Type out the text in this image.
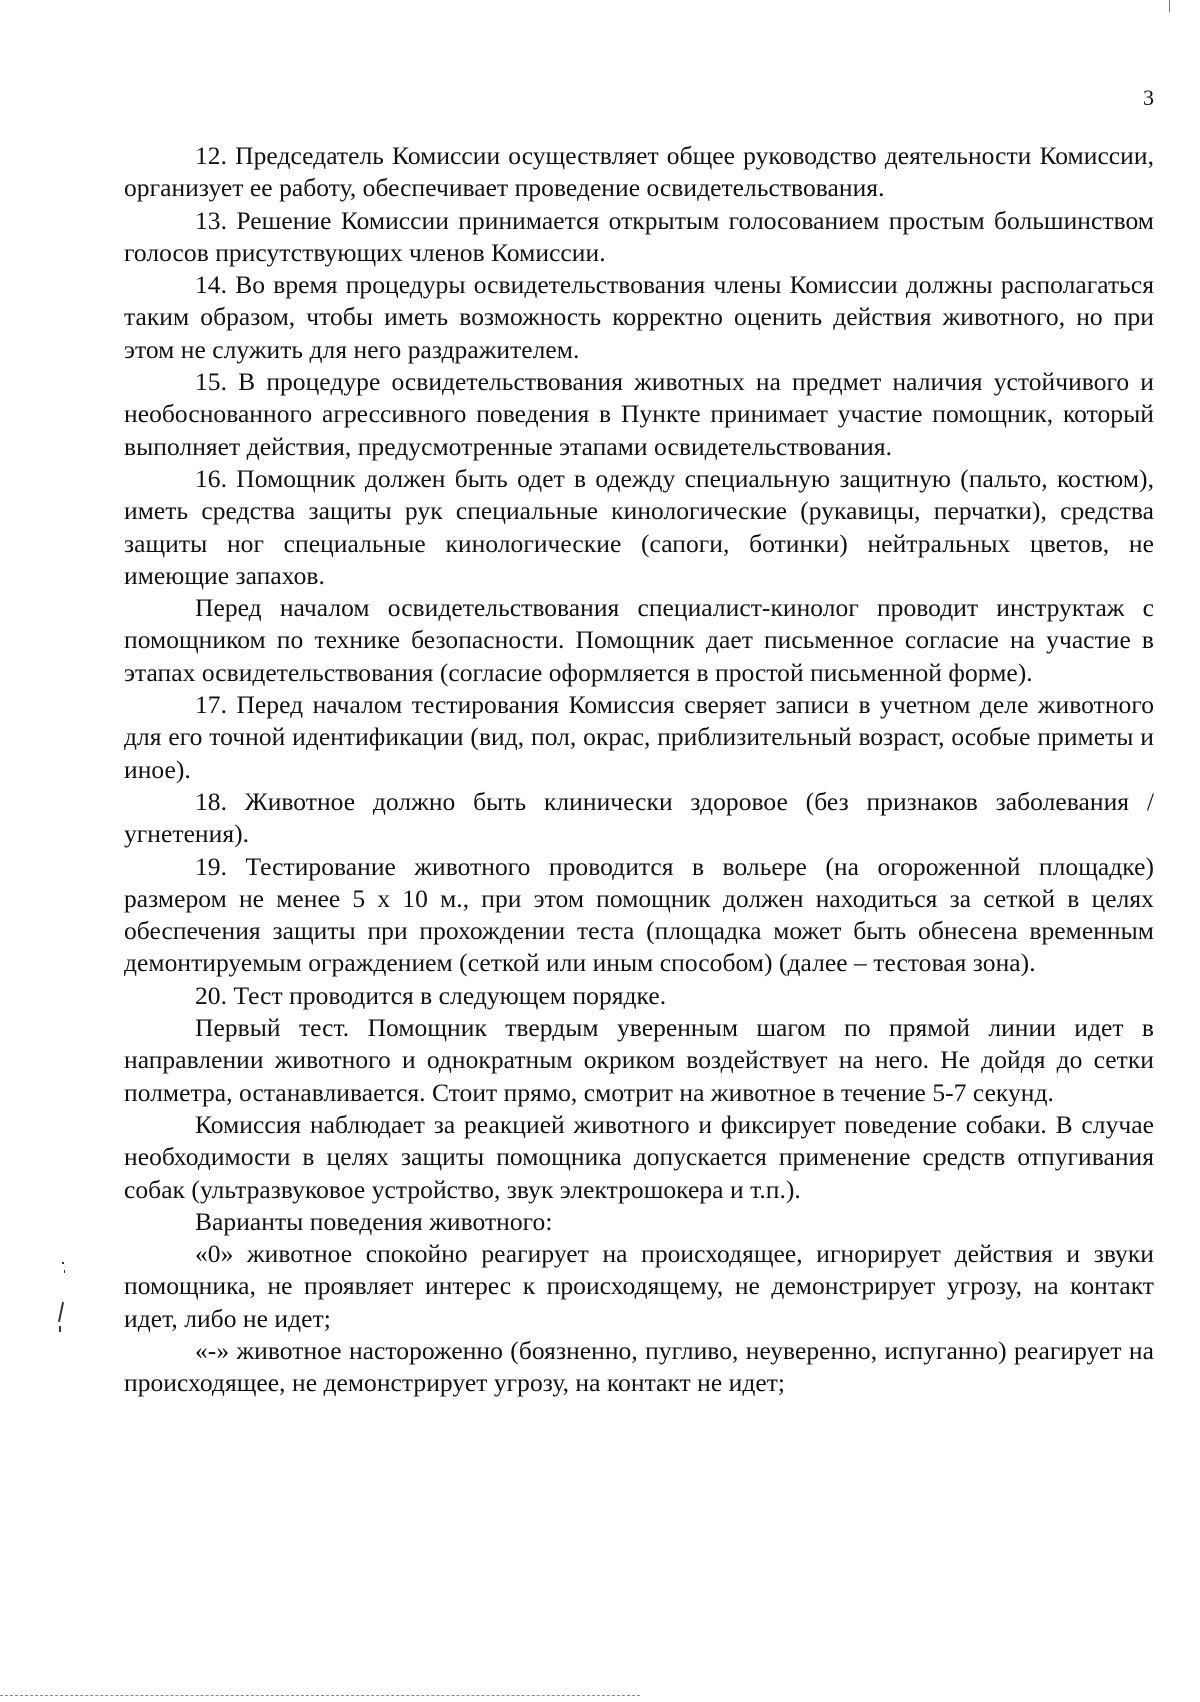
3

12. Председатель Комиссии осуществляет общее руководство деятельности Комиссии, организует ее работу, обеспечивает проведение освидетельствования.

13. Решение Комиссии принимается открытым голосованием простым большинством голосов присутствующих членов Комиссии.

14. Во время процедуры освидетельствования члены Комиссии должны располагаться таким образом, чтобы иметь возможность корректно оценить действия животного, но при этом не служить для него раздражителем.

15. В процедуре освидетельствования животных на предмет наличия устойчивого и необоснованного агрессивного поведения в Пункте принимает участие помощник, который выполняет действия, предусмотренные этапами освидетельствования.

16. Помощник должен быть одет в одежду специальную защитную (пальто, костюм), иметь средства защиты рук специальные кинологические (рукавицы, перчатки), средства защиты ног специальные кинологические (сапоги, ботинки) нейтральных цветов, не имеющие запахов.

Перед началом освидетельствования специалист-кинолог проводит инструктаж с помощником по технике безопасности. Помощник дает письменное согласие на участие в этапах освидетельствования (согласие оформляется в простой письменной форме).

17. Перед началом тестирования Комиссия сверяет записи в учетном деле животного для его точной идентификации (вид, пол, окрас, приблизительный возраст, особые приметы и иное).

18. Животное должно быть клинически здоровое (без признаков заболевания /угнетения).

19. Тестирование животного проводится в вольере (на огороженной площадке) размером не менее 5 х 10 м., при этом помощник должен находиться за сеткой в целях обеспечения защиты при прохождении теста (площадка может быть обнесена временным демонтируемым ограждением (сеткой или иным способом) (далее – тестовая зона).

20. Тест проводится в следующем порядке.

Первый тест. Помощник твердым уверенным шагом по прямой линии идет в направлении животного и однократным окриком воздействует на него. Не дойдя до сетки полметра, останавливается. Стоит прямо, смотрит на животное в течение 5-7 секунд.

Комиссия наблюдает за реакцией животного и фиксирует поведение собаки. В случае необходимости в целях защиты помощника допускается применение средств отпугивания собак (ультразвуковое устройство, звук электрошокера и т.п.).

Варианты поведения животного:

«0» животное спокойно реагирует на происходящее, игнорирует действия и звуки помощника, не проявляет интерес к происходящему, не демонстрирует угрозу, на контакт идет, либо не идет;

«-» животное настороженно (боязненно, пугливо, неуверенно, испуганно) реагирует на происходящее, не демонстрирует угрозу, на контакт не идет;
